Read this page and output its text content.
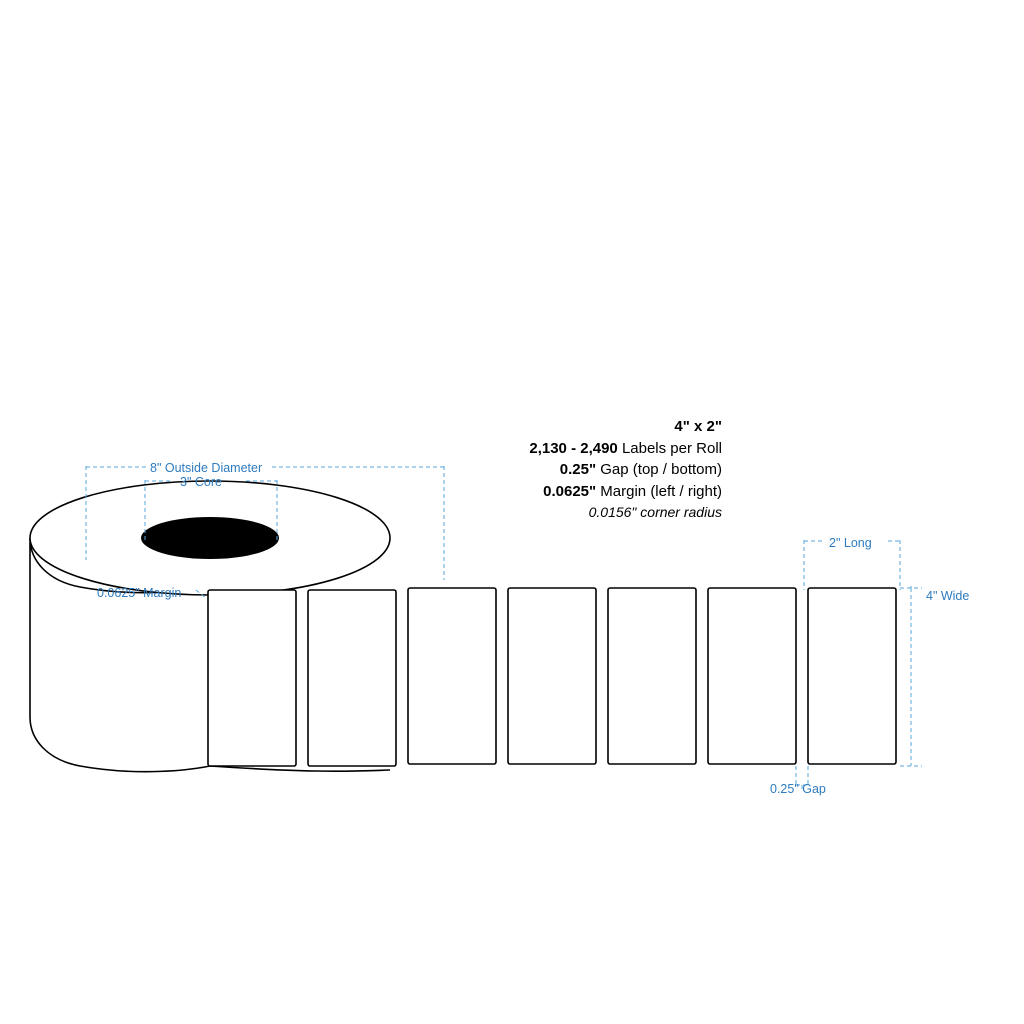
4" x 2"
2,130 - 2,490 Labels per Roll
0.25" Gap (top / bottom)
0.0625" Margin (left / right)
0.0156" corner radius
8" Outside Diameter
3" Core
0.0625" Margin
2" Long
4" Wide
0.25" Gap
